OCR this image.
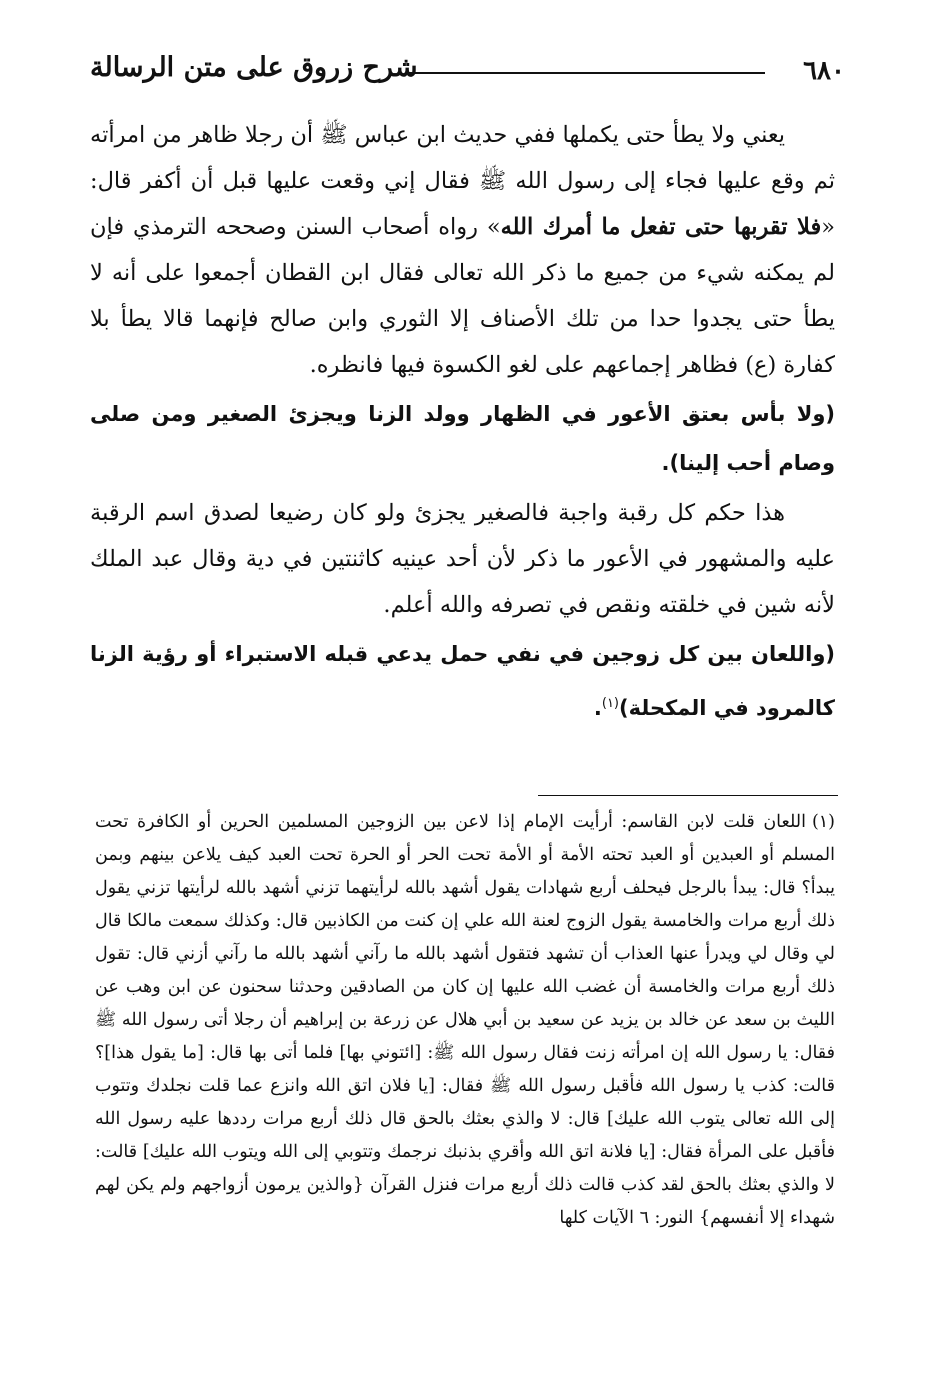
٦٨٠
شرح زروق على متن الرسالة

يعني ولا يطأ حتى يكملها ففي حديث ابن عباس ﷺ أن رجلا ظاهر من امرأته ثم وقع عليها فجاء إلى رسول الله ﷺ فقال إني وقعت عليها قبل أن أكفر قال: «فلا تقربها حتى تفعل ما أمرك الله» رواه أصحاب السنن وصححه الترمذي فإن لم يمكنه شيء من جميع ما ذكر الله تعالى فقال ابن القطان أجمعوا على أنه لا يطأ حتى يجدوا حدا من تلك الأصناف إلا الثوري وابن صالح فإنهما قالا يطأ بلا كفارة (ع) فظاهر إجماعهم على لغو الكسوة فيها فانظره.

(ولا بأس بعتق الأعور في الظهار وولد الزنا ويجزئ الصغير ومن صلى وصام أحب إلينا).

هذا حكم كل رقبة واجبة فالصغير يجزئ ولو كان رضيعا لصدق اسم الرقبة عليه والمشهور في الأعور ما ذكر لأن أحد عينيه كاثنتين في دية وقال عبد الملك لأنه شين في خلقته ونقص في تصرفه والله أعلم.

(واللعان بين كل زوجين في نفي حمل يدعي قبله الاستبراء أو رؤية الزنا كالمرود في المكحلة)$^{(١)}$.

(١)اللعان قلت لابن القاسم: أرأيت الإمام إذا لاعن بين الزوجين المسلمين الحرين أو الكافرة تحت المسلم أو العبدين أو العبد تحته الأمة أو الأمة تحت الحر أو الحرة تحت العبد كيف يلاعن بينهم وبمن يبدأ؟ قال: يبدأ بالرجل فيحلف أربع شهادات يقول أشهد بالله لرأيتهما تزني أشهد بالله لرأيتها تزني يقول ذلك أربع مرات والخامسة يقول الزوج لعنة الله علي إن كنت من الكاذبين قال: وكذلك سمعت مالكا قال لي وقال لي ويدرأ عنها العذاب أن تشهد فتقول أشهد بالله ما رآني أشهد بالله ما رآني أزني قال: تقول ذلك أربع مرات والخامسة أن غضب الله عليها إن كان من الصادقين وحدثنا سحنون عن ابن وهب عن الليث بن سعد عن خالد بن يزيد عن سعيد بن أبي هلال عن زرعة بن إبراهيم أن رجلا أتى رسول الله ﷺ فقال: يا رسول الله إن امرأته زنت فقال رسول الله ﷺ: [ائتوني بها] فلما أتى بها قال: [ما يقول هذا]؟ قالت: كذب يا رسول الله فأقبل رسول الله ﷺ فقال: [يا فلان اتق الله وانزع عما قلت نجلدك وتتوب إلى الله تعالى يتوب الله عليك] قال: لا والذي بعثك بالحق قال ذلك أربع مرات رددها عليه رسول الله فأقبل على المرأة فقال: [يا فلانة اتق الله وأقري بذنبك نرجمك وتتوبي إلى الله ويتوب الله عليك] قالت: لا والذي بعثك بالحق لقد كذب قالت ذلك أربع مرات فنزل القرآن {والذين يرمون أزواجهم ولم يكن لهم شهداء إلا أنفسهم} النور: ٦ الآيات كلها
